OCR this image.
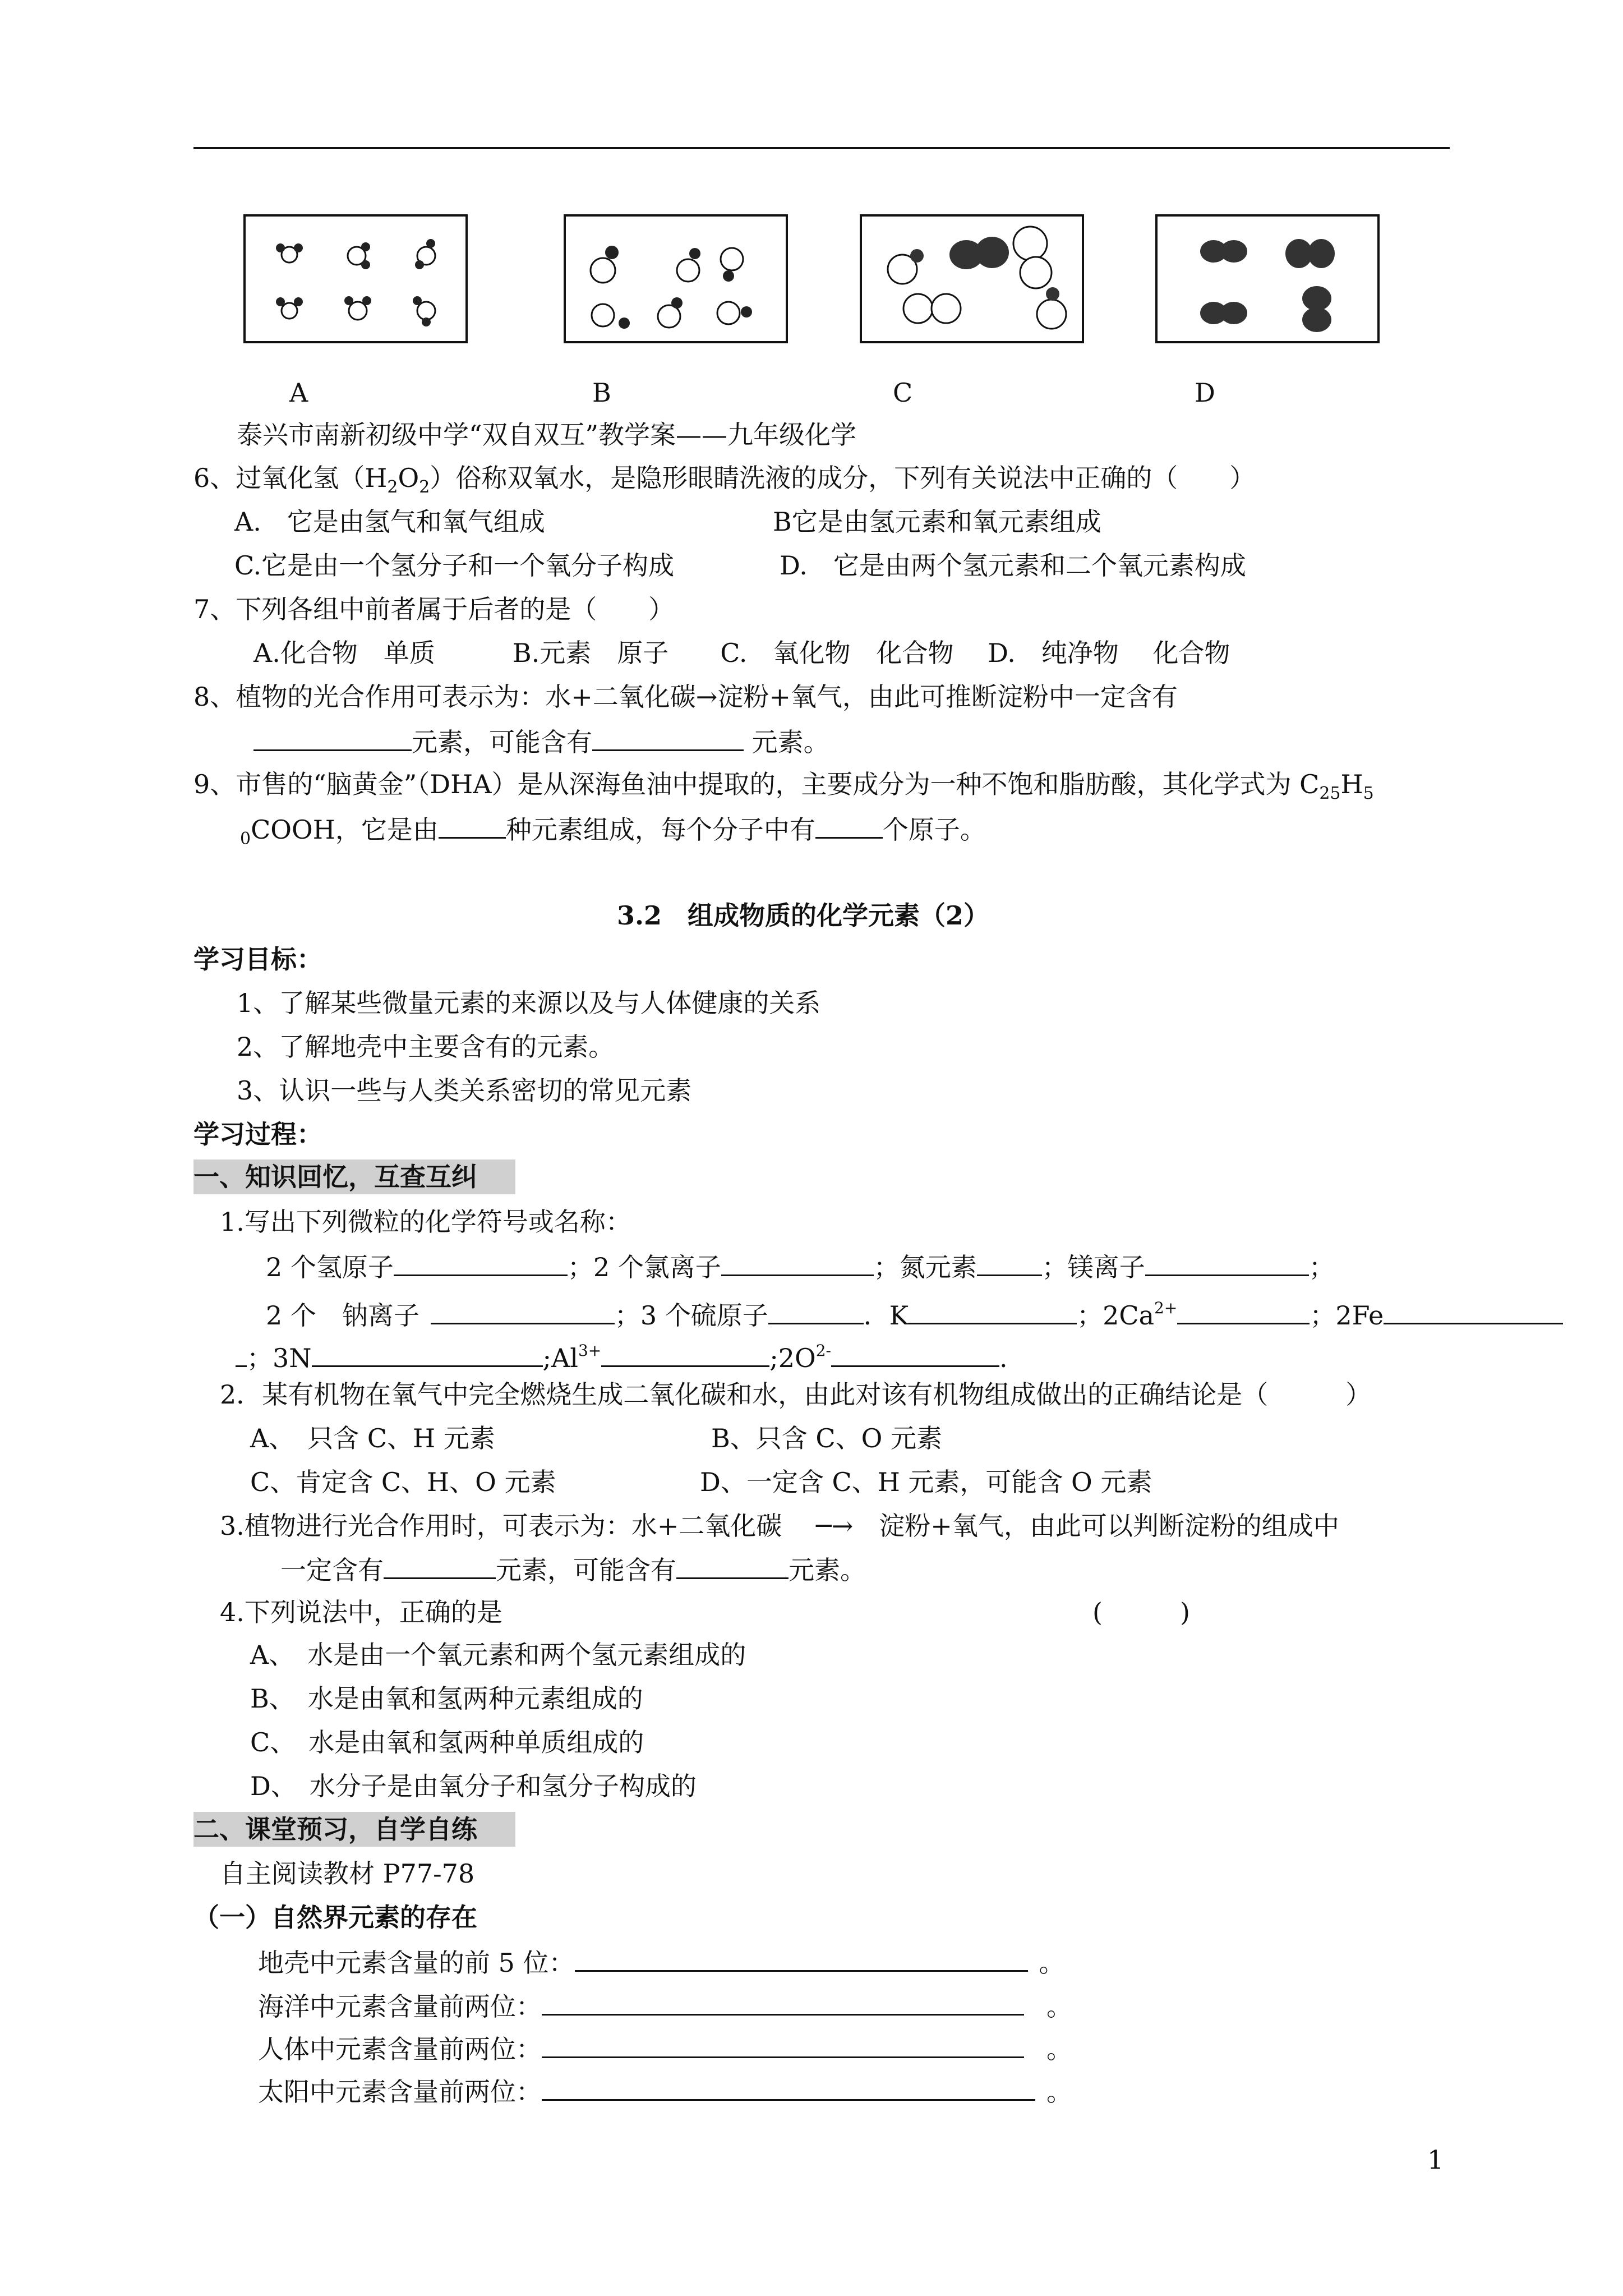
A	B	C	D
泰兴市南新初级中学“双自双互”教学案——九年级化学
6、过氧化氢$(H_2O_2)$俗称双氧水，是隐形眼睛洗液的成分，下列有关说法中正确的（　　）
A.　它是由氢气和氧气组成	B它是由氢元素和氧元素组成
C.它是由一个氢分子和一个氧分子构成	D.　它是由两个氢元素和二个氧元素构成
7、下列各组中前者属于后者的是（　　）
A.化合物　单质　　　B.元素　原子　　C.　氧化物　化合物　 D.　纯净物　 化合物
8、植物的光合作用可表示为：水+二氧化碳→淀粉+氧气，由此可推断淀粉中一定含有
元素，可能含有	元素。
9、市售的“脑黄金”（DHA）是从深海鱼油中提取的，主要成分为一种不饱和脂肪酸，其化学式为 $C_{25}H_5$
$_0$COOH，它是由	种元素组成，每个分子中有	个原子。
3.2　组成物质的化学元素（2）
学习目标：
1、了解某些微量元素的来源以及与人体健康的关系
2、了解地壳中主要含有的元素。
3、认识一些与人类关系密切的常见元素
学习过程：
一、知识回忆，互查互纠
1.写出下列微粒的化学符号或名称：
2 个氢原子	；2 个氯离子	；氮元素	；镁离子	；
2 个　钠离子	；3 个硫原子	．K	；$2Ca^{2+}$	；2Fe
；3N	$;Al^{3+}$	$;2O^{2-}$	.
2．某有机物在氧气中完全燃烧生成二氧化碳和水，由此对该有机物组成做出的正确结论是（　　　）
A、　只含 C、H 元素	B、只含 C、O 元素
C、肯定含 C、H、O 元素	D、一定含 C、H 元素，可能含 O 元素
3.植物进行光合作用时，可表示为：水+二氧化碳　 ─→　淀粉+氧气，由此可以判断淀粉的组成中
一定含有	元素，可能含有	元素。
4.下列说法中，正确的是	(　　　)
A、　水是由一个氧元素和两个氢元素组成的
B、　水是由氧和氢两种元素组成的
C、　水是由氧和氢两种单质组成的
D、　水分子是由氧分子和氢分子构成的
二、课堂预习，自学自练
自主阅读教材 P77-78
（一）自然界元素的存在
地壳中元素含量的前 5 位：	。
海洋中元素含量前两位：	。
人体中元素含量前两位：	。
太阳中元素含量前两位：	。
1
